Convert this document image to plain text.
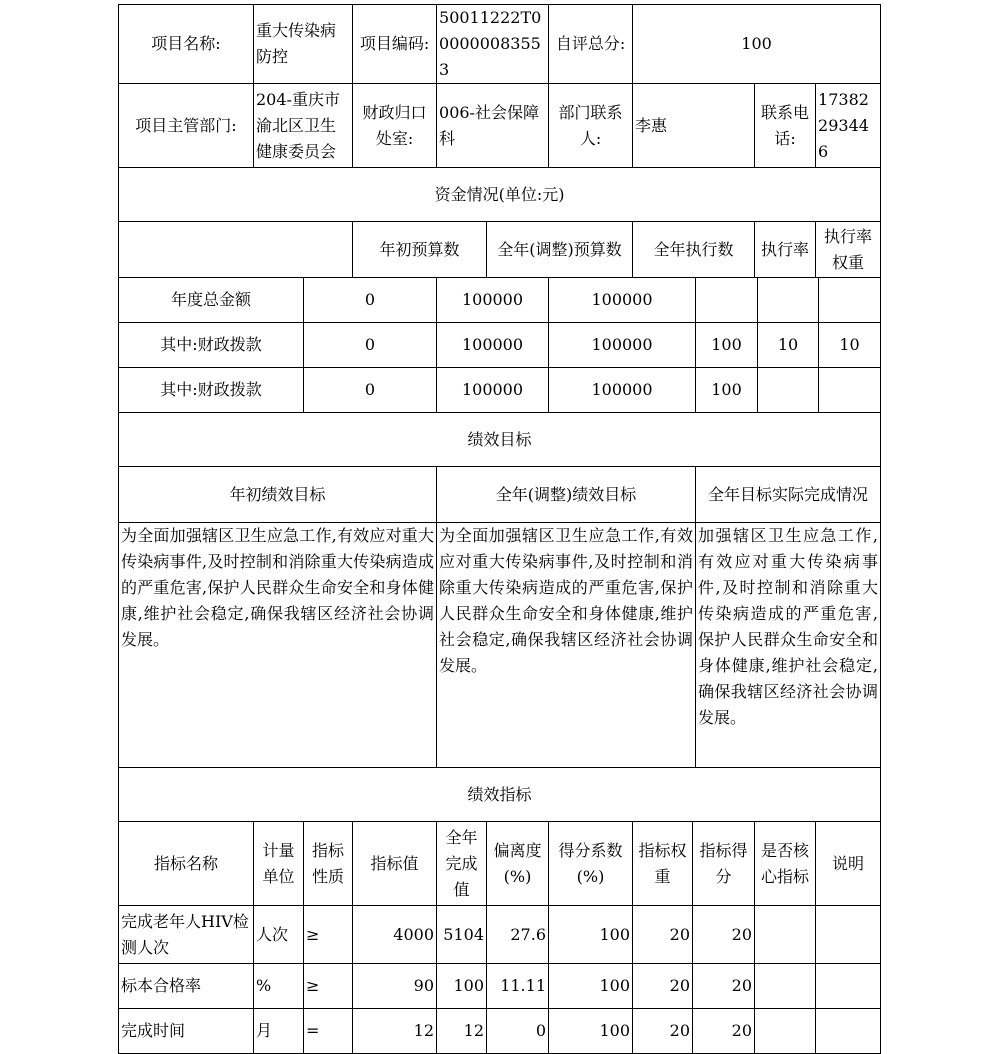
项目名称:	重大传染病防控	项目编码:	50011222T000000083553		自评总分:	100		
项目主管部门:	204-重庆市渝北区卫生健康委员会	财政归口处室:	006-社会保障科		部门联系人:	李惠	联系电话:	17382293446
资金情况(单位:元)								
		年初预算数		全年(调整)预算数		全年执行数	执行率	执行率权重
年度总金额	0	100000	100000			
其中:财政拨款	0	100000	100000	100	10	10
其中:财政拨款	0	100000	100000	100		
绩效目标						
年初绩效目标	全年(调整)绩效目标	全年目标实际完成情况
为全面加强辖区卫生应急工作,有效应对重大传染病事件,及时控制和消除重大传染病造成的严重危害,保护人民群众生命安全和身体健康,维护社会稳定,确保我辖区经济社会协调发展。	为全面加强辖区卫生应急工作,有效应对重大传染病事件,及时控制和消除重大传染病造成的严重危害,保护人民群众生命安全和身体健康,维护社会稳定,确保我辖区经济社会协调发展。	加强辖区卫生应急工作,有效应对重大传染病事件,及时控制和消除重大传染病造成的严重危害,保护人民群众生命安全和身体健康,维护社会稳定,确保我辖区经济社会协调发展。
绩效指标		
指标名称	计量单位	指标性质	指标值	全年完成值	偏离度(%)	得分系数(%)	指标权重	指标得分	是否核心指标	说明
完成老年人HIV检测人次	人次	≥	4000	5104	27.6	100	20	20		
标本合格率	%	≥	90	100	11.11	100	20	20		
完成时间	月	=	12	12	0	100	20	20		
